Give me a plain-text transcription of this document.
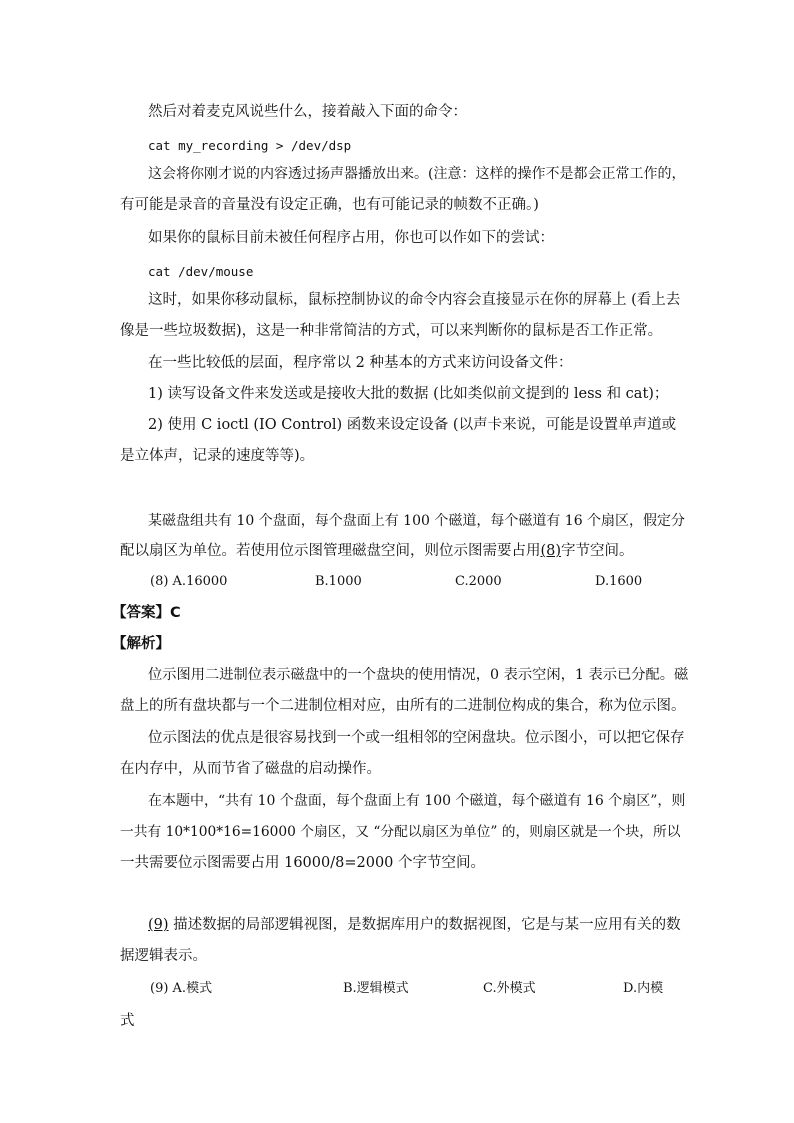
然后对着麦克风说些什么，接着敲入下面的命令：
cat my_recording > /dev/dsp
这会将你刚才说的内容透过扬声器播放出来。(注意：这样的操作不是都会正常工作的，
有可能是录音的音量没有设定正确，也有可能记录的帧数不正确。)
如果你的鼠标目前未被任何程序占用，你也可以作如下的尝试：
cat /dev/mouse
这时，如果你移动鼠标，鼠标控制协议的命令内容会直接显示在你的屏幕上 (看上去
像是一些垃圾数据)，这是一种非常简洁的方式，可以来判断你的鼠标是否工作正常。
在一些比较低的层面，程序常以 2 种基本的方式来访问设备文件：
1) 读写设备文件来发送或是接收大批的数据 (比如类似前文提到的 less 和 cat)；
2) 使用 C ioctl (IO Control) 函数来设定设备 (以声卡来说，可能是设置单声道或
是立体声，记录的速度等等)。
某磁盘组共有 10 个盘面，每个盘面上有 100 个磁道，每个磁道有 16 个扇区，假定分
配以扇区为单位。若使用位示图管理磁盘空间，则位示图需要占用(8)字节空间。
(8) A.16000	B.1000	C.2000	D.1600
【答案】C
【解析】
位示图用二进制位表示磁盘中的一个盘块的使用情况，0 表示空闲，1 表示已分配。磁
盘上的所有盘块都与一个二进制位相对应，由所有的二进制位构成的集合，称为位示图。
位示图法的优点是很容易找到一个或一组相邻的空闲盘块。位示图小，可以把它保存
在内存中，从而节省了磁盘的启动操作。
在本题中，“共有 10 个盘面，每个盘面上有 100 个磁道，每个磁道有 16 个扇区”，则
一共有 10*100*16=16000 个扇区，又 “分配以扇区为单位” 的，则扇区就是一个块，所以
一共需要位示图需要占用 16000/8=2000 个字节空间。
(9) 描述数据的局部逻辑视图，是数据库用户的数据视图，它是与某一应用有关的数
据逻辑表示。
(9) A.模式	B.逻辑模式	C.外模式	D.内模
式
